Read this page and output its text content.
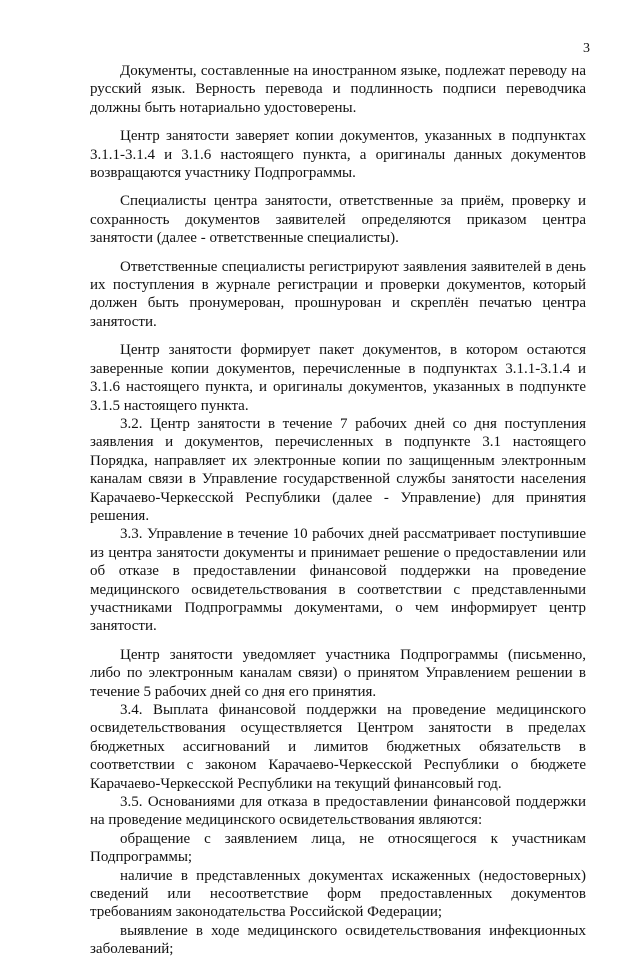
3

Документы, составленные на иностранном языке, подлежат переводу на русский язык. Верность перевода и подлинность подписи переводчика должны быть нотариально удостоверены.

Центр занятости заверяет копии документов, указанных в подпунктах 3.1.1-3.1.4 и 3.1.6 настоящего пункта, а оригиналы данных документов возвращаются участнику Подпрограммы.

Специалисты центра занятости, ответственные за приём, проверку и сохранность документов заявителей определяются приказом центра занятости (далее - ответственные специалисты).

Ответственные специалисты регистрируют заявления заявителей в день их поступления в журнале регистрации и проверки документов, который должен быть пронумерован, прошнурован и скреплён печатью центра занятости.

Центр занятости формирует пакет документов, в котором остаются заверенные копии документов, перечисленные в подпунктах 3.1.1-3.1.4 и 3.1.6 настоящего пункта, и оригиналы документов, указанных в подпункте 3.1.5 настоящего пункта.

3.2. Центр занятости в течение 7 рабочих дней со дня поступления заявления и документов, перечисленных в подпункте 3.1 настоящего Порядка, направляет их электронные копии по защищенным электронным каналам связи в Управление государственной службы занятости населения Карачаево-Черкесской Республики (далее - Управление) для принятия решения.

3.3. Управление в течение 10 рабочих дней рассматривает поступившие из центра занятости документы и принимает решение о предоставлении или об отказе в предоставлении финансовой поддержки на проведение медицинского освидетельствования в соответствии с представленными участниками Подпрограммы документами, о чем информирует центр занятости.

Центр занятости уведомляет участника Подпрограммы (письменно, либо по электронным каналам связи) о принятом Управлением решении в течение 5 рабочих дней со дня его принятия.

3.4. Выплата финансовой поддержки на проведение медицинского освидетельствования осуществляется Центром занятости в пределах бюджетных ассигнований и лимитов бюджетных обязательств в соответствии с законом Карачаево-Черкесской Республики о бюджете Карачаево-Черкесской Республики на текущий финансовый год.

3.5. Основаниями для отказа в предоставлении финансовой поддержки на проведение медицинского освидетельствования являются:

обращение с заявлением лица, не относящегося к участникам Подпрограммы;

наличие в представленных документах искаженных (недостоверных) сведений или несоответствие форм предоставленных документов требованиям законодательства Российской Федерации;

выявление в ходе медицинского освидетельствования инфекционных заболеваний;
